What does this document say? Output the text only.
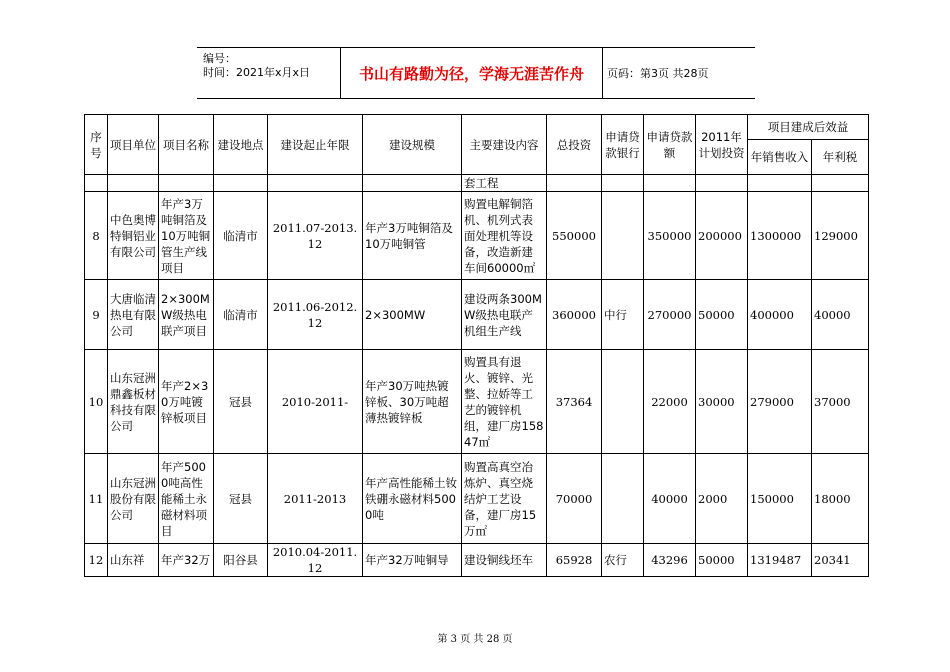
编号：
时间：2021年x月x日	书山有路勤为径，学海无涯苦作舟	页码：第3页 共28页
序号	项目单位	项目名称	建设地点	建设起止年限	建设规模	主要建设内容	总投资	申请贷款银行	申请贷款额	2011年计划投资	项目建成后效益	
											年销售收入	年利税
						套工程						
8	中色奥博特铜铝业有限公司	年产3万吨铜箔及10万吨铜管生产线项目	临清市	2011.07-2013.12	年产3万吨铜箔及10万吨铜管	购置电解铜箔机、机列式表面处理机等设备，改造新建车间60000㎡	550000		350000	200000	1300000	129000
9	大唐临清热电有限公司	2×300MW级热电联产项目	临清市	2011.06-2012.12	2×300MW	建设两条300MW级热电联产机组生产线	360000	中行	270000	50000	400000	40000
10	山东冠洲鼎鑫板材科技有限公司	年产2×30万吨镀锌板项目	冠县	2010-2011-	年产30万吨热镀锌板、30万吨超薄热镀锌板	购置具有退火、镀锌、光整、拉娇等工艺的镀锌机组，建厂房15847㎡	37364		22000	30000	279000	37000
11	山东冠洲股份有限公司	年产5000吨高性能稀土永磁材料项目	冠县	2011-2013	年产高性能稀土钕铁硼永磁材料5000吨	购置高真空冶炼炉、真空烧结炉工艺设备，建厂房15万㎡	70000		40000	2000	150000	18000
12	山东祥	年产32万	阳谷县	2010.04-2011.12	年产32万吨铜导	建设铜线坯车	65928	农行	43296	50000	1319487	20341
第 3 页 共 28 页
